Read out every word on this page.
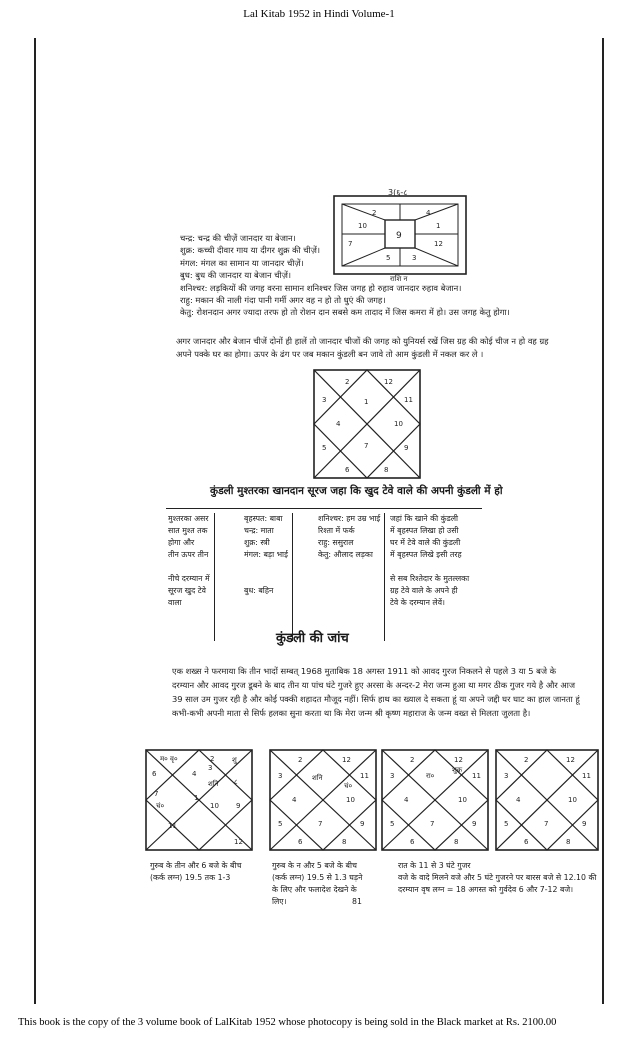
Lal Kitab 1952 in Hindi Volume-1
3(६-८
राशि न
2	4
10
9
1
7	12
5	3
चन्द्र: चन्द्र की चीज़ें जानदार या बेजान।
शुक्र: कच्ची दीवार गाय या दीगर शुक्र की चीज़ें।
मंगल: मंगल का सामान या जानदार चीज़ें।
बुध: बुध की जानदार या बेजान चीज़ें।
शनिश्चर: लड़कियों की जगह वरना सामान शनिश्चर जिस जगह हो रुहाव जानदार रुहाव बेजान।
राहु: मकान की नाली गंदा पानी गर्मी अगर वह न हो तो धुएं की जगह।
केतु: रोशनदान अगर ज्यादा तरफ हो तो रोशन दान सबसे कम तादाद में जिस कमरा में हो। उस जगह केतु होगा।
अगर जानदार और बेजान चीजें दोनों ही हालें तो जानदार चीजों की जगह को युनियर्स रखें जिस ग्रह की कोई चीज न हो वह ग्रह
अपने पक्के घर का होगा। ऊपर के ढंग पर जब मकान कुंडली बन जावे तो आम कुंडली में नकल कर ले ।
2
1
12
3	11
4	10
5	9
6
7
8
कुंडली मुश्तरका खानदान सूरज जहा कि खुद टेवे वाले की अपनी कुंडली में हो
मुश्तरका असर
सात मुश्त तक
होगा और
तीन ऊपर तीन
नीचे दरम्यान में
सूरज खुद टेवे
वाला
बृहस्पत: बाबा
चन्द्र: माता
शुक्र: स्त्री
मंगल: बड़ा भाई
बुध: बहिन
शनिश्चर: हम उम्र भाई
रिश्ता में फर्क
राहु: ससुराल
केतु: औलाद लड़का
जहां कि खाने की कुंडली
में बृहस्पत लिखा हो उसी
घर में टेवे वाले की कुंडली
में बृहस्पत लिखे इसी तरह
से सब रिश्तेदार के मुतल्लका
ग्रह टेवे वाले के अपने ही
टेवे के दरम्यान लेवें।
कुंडली की जांच
एक शख्स ने फरमाया कि तीन भादों सम्बत् 1968 मुताबिक 18 अगस्त 1911 को आवद गुरज निकलने से पहले 3 या 5 बजे के
दरम्यान और आवद गुरज डूबने के बाद तीन या पांच घंटे गुजरे हुए अरसा के अन्दर-2 मेरा जन्म हुआ था मगर ठीक गुजर गये है और आज
39 साल उम गुजर रही है और कोई पक्की शहादत मौजूद नहीं। सिर्फ हाथ का ख्याल दे सकता हूं या अपने जद्दी घर घाट का हाल जानता हूं
कभी-कभी अपनी माता से सिर्फ हलका सुना करता था कि मेरा जन्म श्री कृष्ण महाराज के जन्म वख्त से मिलता जुलता है।
म० वृ०
6	4
3
2	शु
शनि
7	1
८
चं०	10 9
11
12
2	12
3	11
4	10
5	9
6
7
8
शनि
चं०
2	12
3	11
4	10
5	9
6
7
8
रा०
शुक्र
2	12
3	11
4	10
5	9
6
7
8
गुरुब के तीन और 6 बजे के बीच
(कर्क लग्न) 19.5 तक 1-3
गुरुब के न और 5 बजे के बीच
(कर्क लग्न) 19.5 से 1.3 घड़ने
के लिए और फलादेश देखने के
लिए।	81
रात के 11 से 3 घंटे गुजर
वजे के वादे मिलने वजे और 5 घंटे गुजरने पर बारस बजे से 12.10 की
दरम्यान वृष लग्न = 18 अगस्त को गुर्वदेव 6 और 7-12 बजे।
This book is the copy of the 3 volume book of LalKitab 1952 whose photocopy is being sold in the Black market at Rs. 2100.00
